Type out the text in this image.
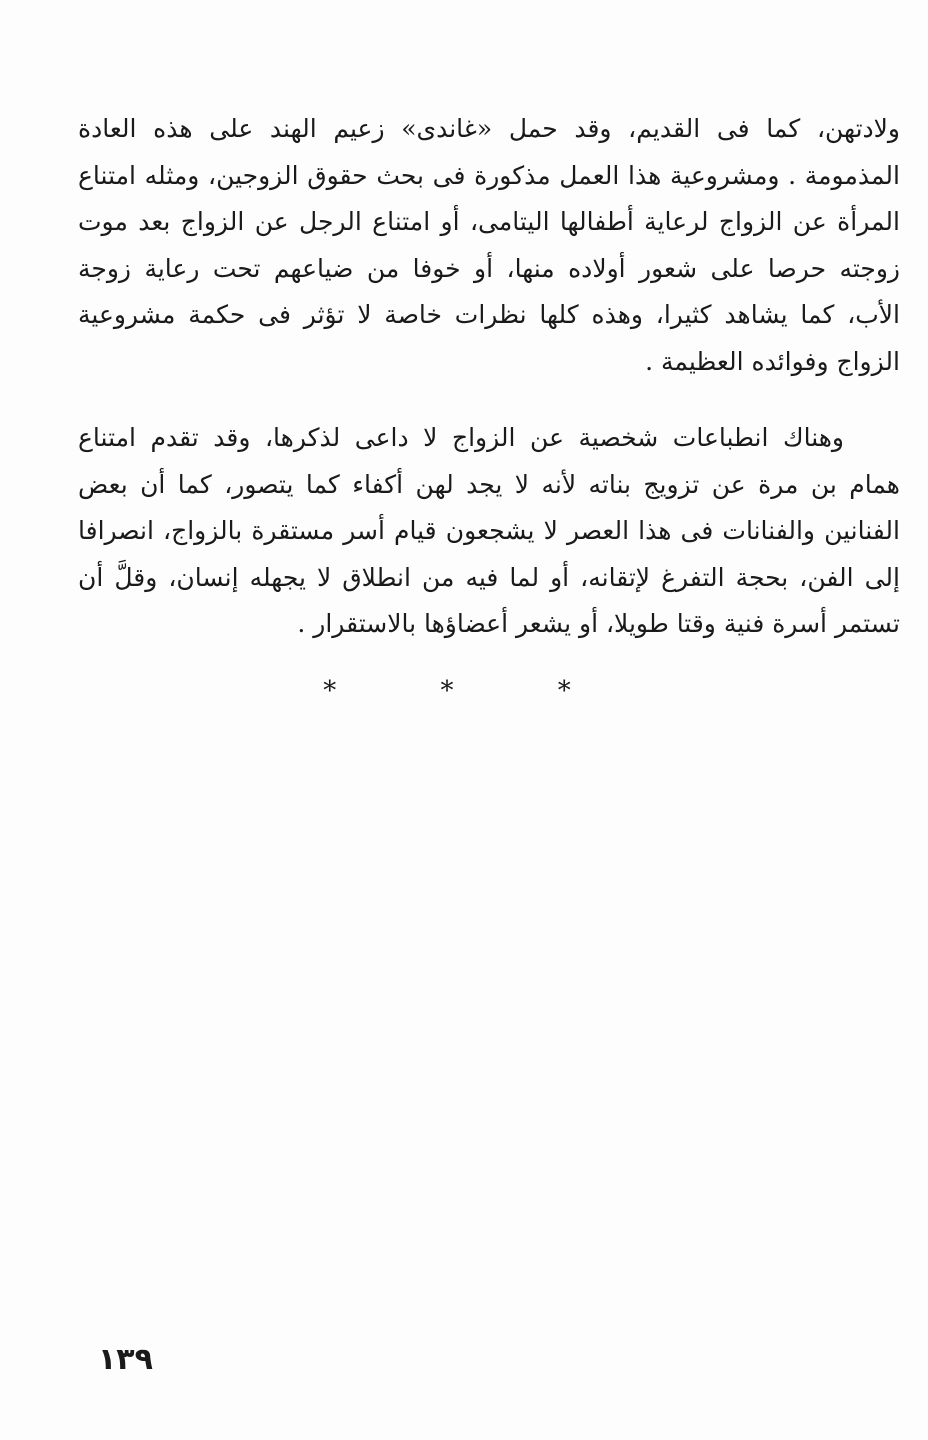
ولادتهن، كما فى القديم، وقد حمل «غاندى» زعيم الهند على هذه العادة
المذمومة . ومشروعية هذا العمل مذكورة فى بحث حقوق الزوجين، ومثله امتناع
المرأة عن الزواج لرعاية أطفالها اليتامى، أو امتناع الرجل عن الزواج بعد موت
زوجته حرصا على شعور أولاده منها، أو خوفا من ضياعهم تحت رعاية زوجة
الأب، كما يشاهد كثيرا، وهذه كلها نظرات خاصة لا تؤثر فى حكمة مشروعية
الزواج وفوائده العظيمة .
وهناك انطباعات شخصية عن الزواج لا داعى لذكرها، وقد تقدم امتناع
همام بن مرة عن تزويج بناته لأنه لا يجد لهن أكفاء كما يتصور، كما أن بعض
الفنانين والفنانات فى هذا العصر لا يشجعون قيام أسر مستقرة بالزواج، انصرافا
إلى الفن، بحجة التفرغ لإتقانه، أو لما فيه من انطلاق لا يجهله إنسان، وقلَّ أن
تستمر أسرة فنية وقتا طويلا، أو يشعر أعضاؤها بالاستقرار .
* * *
١٣٩
